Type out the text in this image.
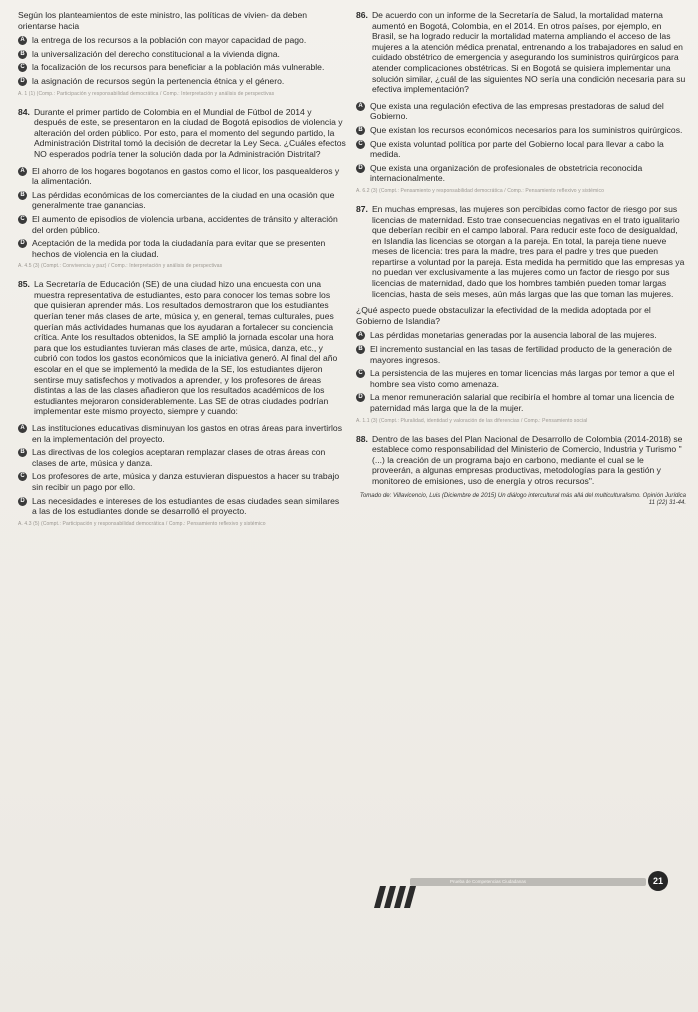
Según los planteamientos de este ministro, las políticas de vivien- da deben orientarse hacia
A la entrega de los recursos a la población con mayor capacidad de pago.
B la universalización del derecho constitucional a la vivienda digna.
C la focalización de los recursos para beneficiar a la población más vulnerable.
D la asignación de recursos según la pertenencia étnica y el género.
A. 1 (1) (Comp.: Participación y responsabilidad democrática / Comp.: Interpretación y análisis de perspectivas
84. Durante el primer partido de Colombia en el Mundial de Fútbol de 2014 y después de este, se presentaron en la ciudad de Bogotá episodios de violencia y alteración del orden público. Por esto, para el momento del segundo partido, la Administración Distrital tomó la decisión de decretar la Ley Seca. ¿Cuáles efectos NO esperados podría tener la solución dada por la Administración Distrital?
A El ahorro de los hogares bogotanos en gastos como el licor, los pasquealderos y la alimentación.
B Las pérdidas económicas de los comerciantes de la ciudad en una ocasión que generalmente trae ganancias.
C El aumento de episodios de violencia urbana, accidentes de tránsito y alteración del orden público.
D Aceptación de la medida por toda la ciudadanía para evitar que se presenten hechos de violencia en la ciudad.
A. 4.5 (3) (Compt.: Convivencia y paz) / Comp.: Interpretación y análisis de perspectivas
85. La Secretaría de Educación (SE) de una ciudad hizo una encuesta con una muestra representativa de estudiantes, esto para conocer los temas sobre los que quisieran aprender más. Los resultados demostraron que los estudiantes querían tener más clases de arte, música y, en general, temas culturales, pues querían más actividades humanas que los ayudaran a fortalecer su conciencia crítica. Ante los resultados obtenidos, la SE amplió la jornada escolar una hora para que los estudiantes tuvieran más clases de arte, música, danza, etc., y cubrió con todos los gastos económicos que la iniciativa generó. Al final del año escolar en el que se implementó la medida de la SE, los estudiantes dijeron sentirse muy satisfechos y motivados a aprender, y los profesores de áreas distintas a las de las clases añadieron que los resultados académicos de los estudiantes mejoraron considerablemente. Las SE de otras ciudades podrían implementar este mismo proyecto, siempre y cuando:
A Las instituciones educativas disminuyan los gastos en otras áreas para invertirlos en la implementación del proyecto.
B Las directivas de los colegios aceptaran remplazar clases de otras áreas con clases de arte, música y danza.
C Los profesores de arte, música y danza estuvieran dispuestos a hacer su trabajo sin recibir un pago por ello.
D Las necesidades e intereses de los estudiantes de esas ciudades sean similares a las de los estudiantes donde se desarrolló el proyecto.
A. 4.3 (5) (Compt.: Participación y responsabilidad democrática / Comp.: Pensamiento reflexivo y sistémico
86. De acuerdo con un informe de la Secretaría de Salud, la mortalidad materna aumentó en Bogotá, Colombia, en el 2014. En otros países, por ejemplo, en Brasil, se ha logrado reducir la mortalidad materna ampliando el acceso de las mujeres a la atención médica prenatal, entrenando a los trabajadores en salud en cuidado obstétrico de emergencia y asegurando los suministros quirúrgicos para atender complicaciones obstétricas. Si en Bogotá se quisiera implementar una solución similar, ¿cuál de las siguientes NO sería una condición necesaria para su efectiva implementación?
A Que exista una regulación efectiva de las empresas prestadoras de salud del Gobierno.
B Que existan los recursos económicos necesarios para los suministros quirúrgicos.
C Que exista voluntad política por parte del Gobierno local para llevar a cabo la medida.
D Que exista una organización de profesionales de obstetricia reconocida internacionalmente.
A. 6.2 (3) (Compt.: Pensamiento y responsabilidad democrática / Comp.: Pensamiento reflexivo y sistémico
87. En muchas empresas, las mujeres son percibidas como factor de riesgo por sus licencias de maternidad. Esto trae consecuencias negativas en el trato igualitario que deberían recibir en el campo laboral. Para reducir este foco de desigualdad, en Islandia las licencias se otorgan a la pareja. En total, la pareja tiene nueve meses de licencia: tres para la madre, tres para el padre y tres que pueden repartirse a voluntad por la pareja. Esta medida ha permitido que las empresas ya no puedan ver exclusivamente a las mujeres como un factor de riesgo por sus licencias de maternidad, dado que los hombres también pueden tomar largas licencias, hasta de seis meses, aún más largas que las que toman las mujeres.
¿Qué aspecto puede obstaculizar la efectividad de la medida adoptada por el Gobierno de Islandia?
A Las pérdidas monetarias generadas por la ausencia laboral de las mujeres.
B El incremento sustancial en las tasas de fertilidad producto de la generación de mayores ingresos.
C La persistencia de las mujeres en tomar licencias más largas por temor a que el hombre sea visto como amenaza.
D La menor remuneración salarial que recibiría el hombre al tomar una licencia de paternidad más larga que la de la mujer.
A. 1.1 (3) (Compt.: Pluralidad, identidad y valoración de las diferencias / Comp.: Pensamiento social
88. Dentro de las bases del Plan Nacional de Desarrollo de Colombia (2014-2018) se establece como responsabilidad del Ministerio de Comercio, Industria y Turismo "(...) la creación de un programa bajo en carbono, mediante el cual se le proveerán, a algunas empresas productivas, metodologías para la gestión y monitoreo de emisiones, uso de energía y otros recursos".
Tomado de: Villavicencio, Luis (Diciembre de 2015) Un diálogo intercultural más allá del multiculturalismo. Opinión Jurídica 11 (22) 31-44.
Prueba de Competencias Ciudadanas	21
